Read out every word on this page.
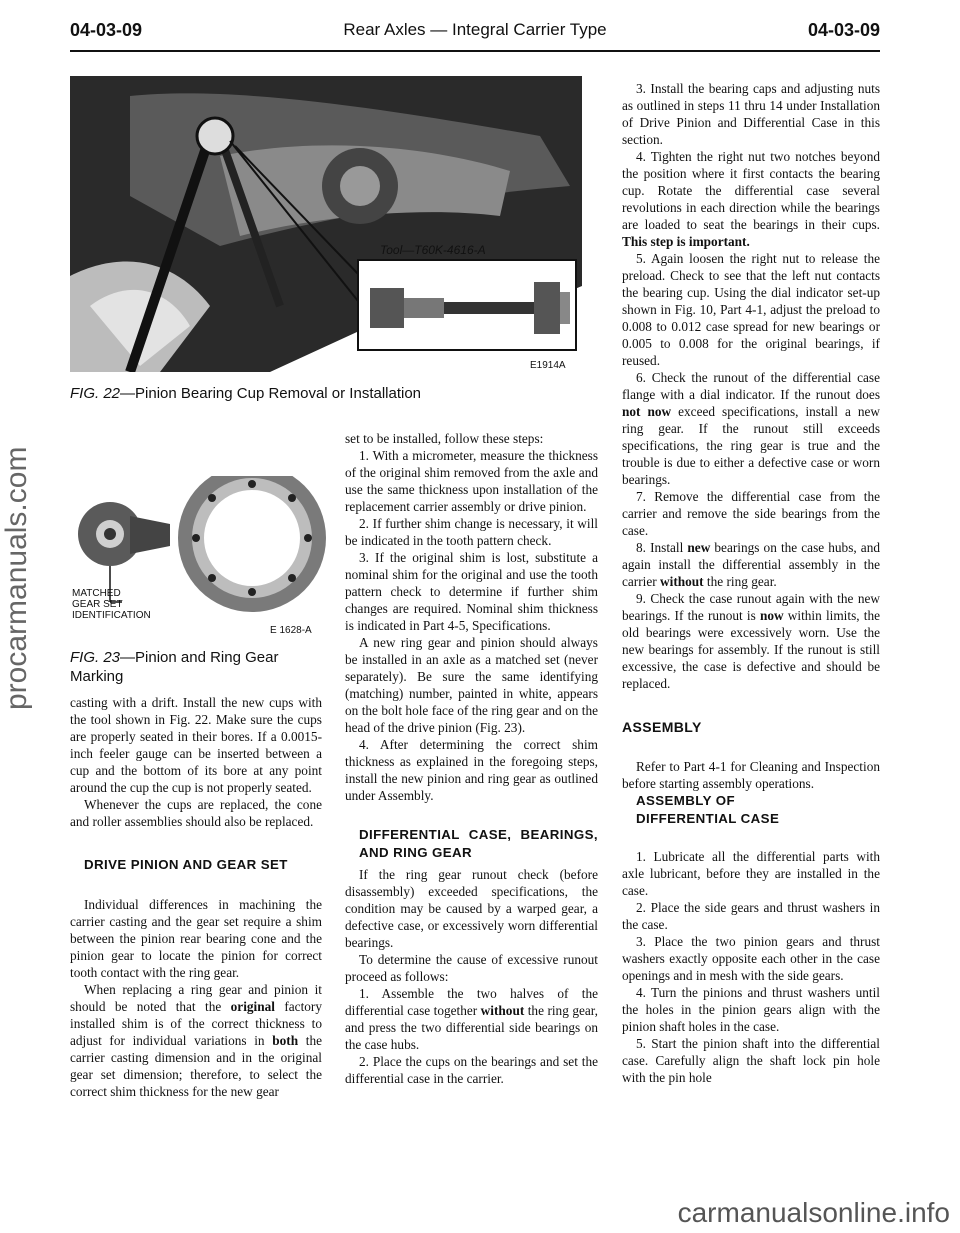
04-03-09	Rear Axles — Integral Carrier Type	04-03-09
procarmanuals.com
Tool—T60K-4616-A
E1914A
FIG. 22—Pinion Bearing Cup Removal or Installation
MATCHED
GEAR SET
IDENTIFICATION
E 1628-A
FIG. 23—Pinion and Ring Gear Marking

casting with a drift. Install the new cups with the tool shown in Fig. 22. Make sure the cups are properly seated in their bores. If a 0.0015-inch feeler gauge can be inserted between a cup and the bottom of its bore at any point around the cup the cup is not properly seated.

Whenever the cups are replaced, the cone and roller assemblies should also be replaced.

DRIVE PINION AND GEAR SET

Individual differences in machining the carrier casting and the gear set require a shim between the pinion rear bearing cone and the pinion gear to locate the pinion for correct tooth contact with the ring gear.

When replacing a ring gear and pinion it should be noted that the original factory installed shim is of the correct thickness to adjust for individual variations in both the carrier casting dimension and in the original gear set dimension; therefore, to select the correct shim thickness for the new gear

set to be installed, follow these steps:

1. With a micrometer, measure the thickness of the original shim removed from the axle and use the same thickness upon installation of the replacement carrier assembly or drive pinion.

2. If further shim change is necessary, it will be indicated in the tooth pattern check.

3. If the original shim is lost, substitute a nominal shim for the original and use the tooth pattern check to determine if further shim changes are required. Nominal shim thickness is indicated in Part 4-5, Specifications.

A new ring gear and pinion should always be installed in an axle as a matched set (never separately). Be sure the same identifying (matching) number, painted in white, appears on the bolt hole face of the ring gear and on the head of the drive pinion (Fig. 23).

4. After determining the correct shim thickness as explained in the foregoing steps, install the new pinion and ring gear as outlined under Assembly.

DIFFERENTIAL CASE, BEARINGS, AND RING GEAR

If the ring gear runout check (before disassembly) exceeded specifications, the condition may be caused by a warped gear, a defective case, or excessively worn differential bearings.

To determine the cause of excessive runout proceed as follows:

1. Assemble the two halves of the differential case together without the ring gear, and press the two differential side bearings on the case hubs.

2. Place the cups on the bearings and set the differential case in the carrier.

3. Install the bearing caps and adjusting nuts as outlined in steps 11 thru 14 under Installation of Drive Pinion and Differential Case in this section.

4. Tighten the right nut two notches beyond the position where it first contacts the bearing cup. Rotate the differential case several revolutions in each direction while the bearings are loaded to seat the bearings in their cups. This step is important.

5. Again loosen the right nut to release the preload. Check to see that the left nut contacts the bearing cup. Using the dial indicator set-up shown in Fig. 10, Part 4-1, adjust the preload to 0.008 to 0.012 case spread for new bearings or 0.005 to 0.008 for the original bearings, if reused.

6. Check the runout of the differential case flange with a dial indicator. If the runout does not now exceed specifications, install a new ring gear. If the runout still exceeds specifications, the ring gear is true and the trouble is due to either a defective case or worn bearings.

7. Remove the differential case from the carrier and remove the side bearings from the case.

8. Install new bearings on the case hubs, and again install the differential assembly in the carrier without the ring gear.

9. Check the case runout again with the new bearings. If the runout is now within limits, the old bearings were excessively worn. Use the new bearings for assembly. If the runout is still excessive, the case is defective and should be replaced.

ASSEMBLY

Refer to Part 4-1 for Cleaning and Inspection before starting assembly operations.

ASSEMBLY OF
DIFFERENTIAL CASE

1. Lubricate all the differential parts with axle lubricant, before they are installed in the case.

2. Place the side gears and thrust washers in the case.

3. Place the two pinion gears and thrust washers exactly opposite each other in the case openings and in mesh with the side gears.

4. Turn the pinions and thrust washers until the holes in the pinion gears align with the pinion shaft holes in the case.

5. Start the pinion shaft into the differential case. Carefully align the shaft lock pin hole with the pin hole

carmanualsonline.info
